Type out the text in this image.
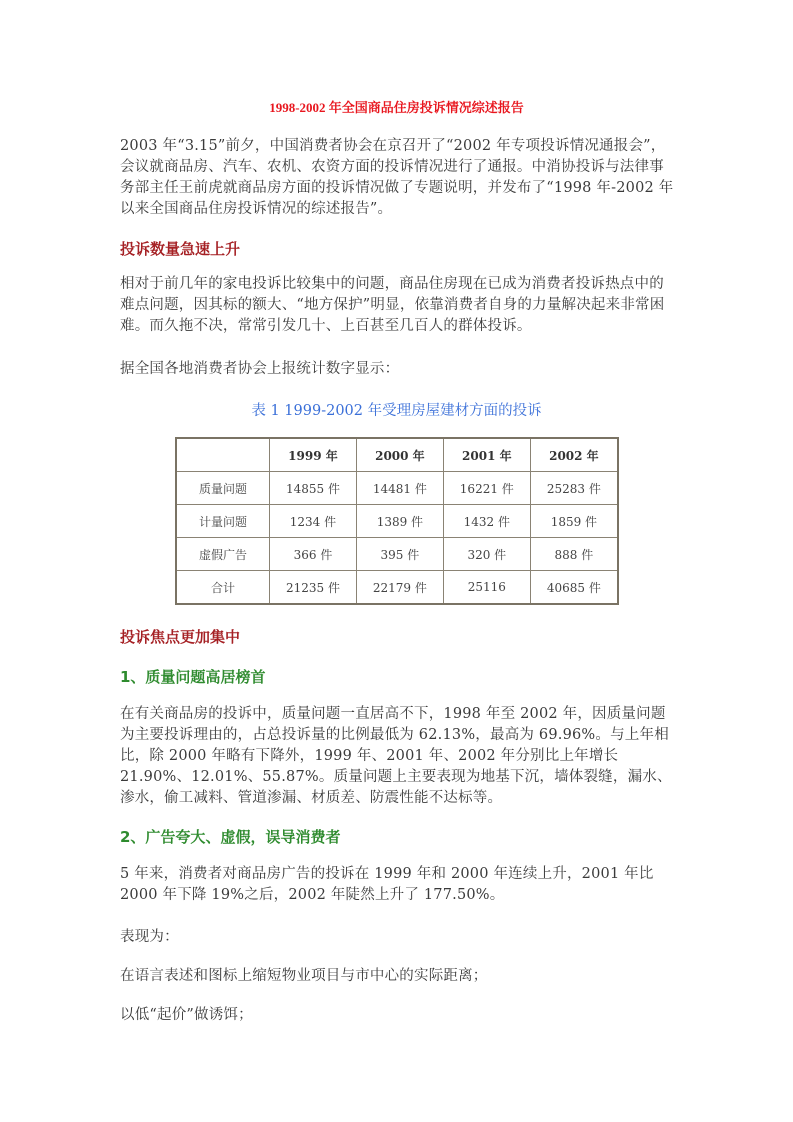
1998-2002 年全国商品住房投诉情况综述报告

2003 年“3.15”前夕，中国消费者协会在京召开了“2002 年专项投诉情况通报会”，会议就商品房、汽车、农机、农资方面的投诉情况进行了通报。中消协投诉与法律事务部主任王前虎就商品房方面的投诉情况做了专题说明，并发布了“1998 年-2002 年以来全国商品住房投诉情况的综述报告”。

投诉数量急速上升

相对于前几年的家电投诉比较集中的问题，商品住房现在已成为消费者投诉热点中的难点问题，因其标的额大、“地方保护”明显，依靠消费者自身的力量解决起来非常困难。而久拖不决，常常引发几十、上百甚至几百人的群体投诉。

据全国各地消费者协会上报统计数字显示：

表 1 1999-2002 年受理房屋建材方面的投诉
	1999 年	2000 年	2001 年	2002 年
质量问题	14855 件	14481 件	16221 件	25283 件
计量问题	1234 件	1389 件	1432 件	1859 件
虚假广告	366 件	395 件	320 件	888 件
合计	21235 件	22179 件	25116	40685 件

投诉焦点更加集中

1、质量问题高居榜首

在有关商品房的投诉中，质量问题一直居高不下，1998 年至 2002 年，因质量问题为主要投诉理由的，占总投诉量的比例最低为 62.13%，最高为 69.96%。与上年相比，除 2000 年略有下降外，1999 年、2001 年、2002 年分别比上年增长 21.90%、12.01%、55.87%。质量问题上主要表现为地基下沉，墙体裂缝，漏水、渗水，偷工减料、管道渗漏、材质差、防震性能不达标等。

2、广告夸大、虚假，误导消费者

5 年来，消费者对商品房广告的投诉在 1999 年和 2000 年连续上升，2001 年比 2000 年下降 19%之后，2002 年陡然上升了 177.50%。

表现为：

在语言表述和图标上缩短物业项目与市中心的实际距离；

以低“起价”做诱饵；
